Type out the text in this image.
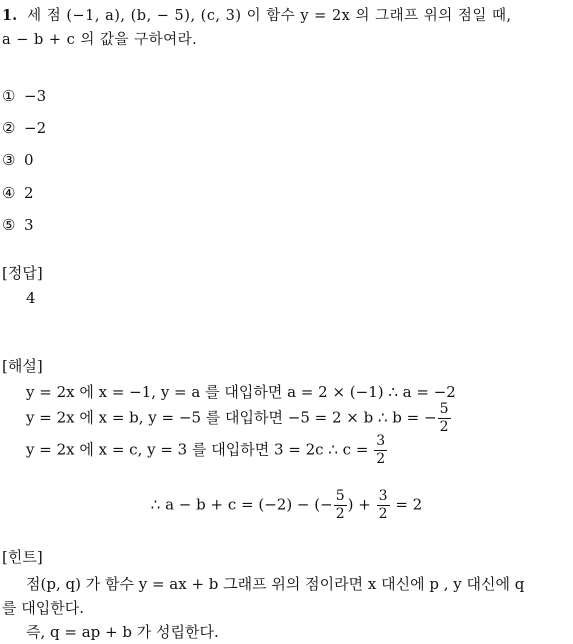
1. 세 점 (−1, a), (b, − 5), (c, 3) 이 함수 y = 2x 의 그래프 위의 점일 때,
a − b + c 의 값을 구하여라.
① −3
② −2
③ 0
④ 2
⑤ 3
[정답]
4
[해설]
y = 2x 에 x = −1, y = a 를 대입하면 a = 2 × (−1) ∴ a = −2
y = 2x 에 x = b, y = −5 를 대입하면 −5 = 2 × b ∴ b = − $\frac{5}{2}$
y = 2x 에 x = c, y = 3 를 대입하면 3 = 2c ∴ $c = \frac{3}{2}$
∴ a − b + c = (−2) − (− $\frac{5}{2}$ ) + $\frac{3}{2} = 2$
[힌트]
점(p, q) 가 함수 y = ax + b 그래프 위의 점이라면 x 대신에 p , y 대신에 q
를 대입한다.
즉, q = ap + b 가 성립한다.
